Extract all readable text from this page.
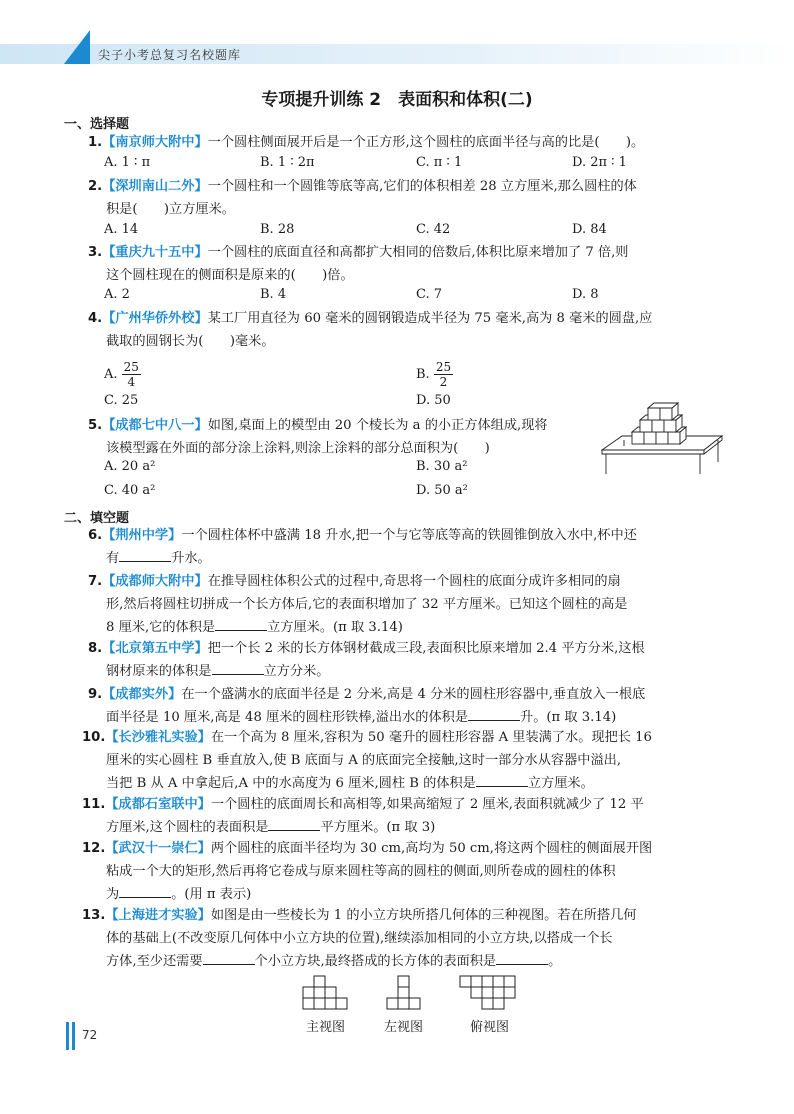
尖子小考总复习名校题库
专项提升训练 2　表面积和体积(二)
一、选择题
1.【南京师大附中】一个圆柱侧面展开后是一个正方形,这个圆柱的底面半径与高的比是(　　)。
A. 1 ∶ π	B. 1 ∶ 2π	C. π ∶ 1	D. 2π ∶ 1
2.【深圳南山二外】一个圆柱和一个圆锥等底等高,它们的体积相差 28 立方厘米,那么圆柱的体
积是(　　)立方厘米。
A. 14	B. 28	C. 42	D. 84
3.【重庆九十五中】一个圆柱的底面直径和高都扩大相同的倍数后,体积比原来增加了 7 倍,则
这个圆柱现在的侧面积是原来的(　　)倍。
A. 2	B. 4	C. 7	D. 8
4.【广州华侨外校】某工厂用直径为 60 毫米的圆钢锻造成半径为 75 毫米,高为 8 毫米的圆盘,应
截取的圆钢长为(　　)毫米。
A. $\frac{25}{4}$	B. $\frac{25}{2}$
C. 25	D. 50
5.【成都七中八一】如图,桌面上的模型由 20 个棱长为 a 的小正方体组成,现将
该模型露在外面的部分涂上涂料,则涂上涂料的部分总面积为(　　)
A. 20 a²	B. 30 a²
C. 40 a²	D. 50 a²
二、填空题
6.【荆州中学】一个圆柱体杯中盛满 18 升水,把一个与它等底等高的铁圆锥倒放入水中,杯中还
有	升水。
7.【成都师大附中】在推导圆柱体积公式的过程中,奇思将一个圆柱的底面分成许多相同的扇
形,然后将圆柱切拼成一个长方体后,它的表面积增加了 32 平方厘米。已知这个圆柱的高是
8 厘米,它的体积是	立方厘米。(π 取 3.14)
8.【北京第五中学】把一个长 2 米的长方体钢材截成三段,表面积比原来增加 2.4 平方分米,这根
钢材原来的体积是	立方分米。
9.【成都实外】在一个盛满水的底面半径是 2 分米,高是 4 分米的圆柱形容器中,垂直放入一根底
面半径是 10 厘米,高是 48 厘米的圆柱形铁棒,溢出水的体积是	升。(π 取 3.14)
10.【长沙雅礼实验】在一个高为 8 厘米,容积为 50 毫升的圆柱形容器 A 里装满了水。现把长 16
厘米的实心圆柱 B 垂直放入,使 B 底面与 A 的底面完全接触,这时一部分水从容器中溢出,
当把 B 从 A 中拿起后,A 中的水高度为 6 厘米,圆柱 B 的体积是	立方厘米。
11.【成都石室联中】一个圆柱的底面周长和高相等,如果高缩短了 2 厘米,表面积就减少了 12 平
方厘米,这个圆柱的表面积是	平方厘米。(π 取 3)
12.【武汉十一崇仁】两个圆柱的底面半径均为 30 cm,高均为 50 cm,将这两个圆柱的侧面展开图
粘成一个大的矩形,然后再将它卷成与原来圆柱等高的圆柱的侧面,则所卷成的圆柱的体积
为	。(用 π 表示)
13.【上海进才实验】如图是由一些棱长为 1 的小立方块所搭几何体的三种视图。若在所搭几何
体的基础上(不改变原几何体中小立方块的位置),继续添加相同的小立方块,以搭成一个长
方体,至少还需要	个小立方块,最终搭成的长方体的表面积是	。
主视图	左视图	俯视图
72
